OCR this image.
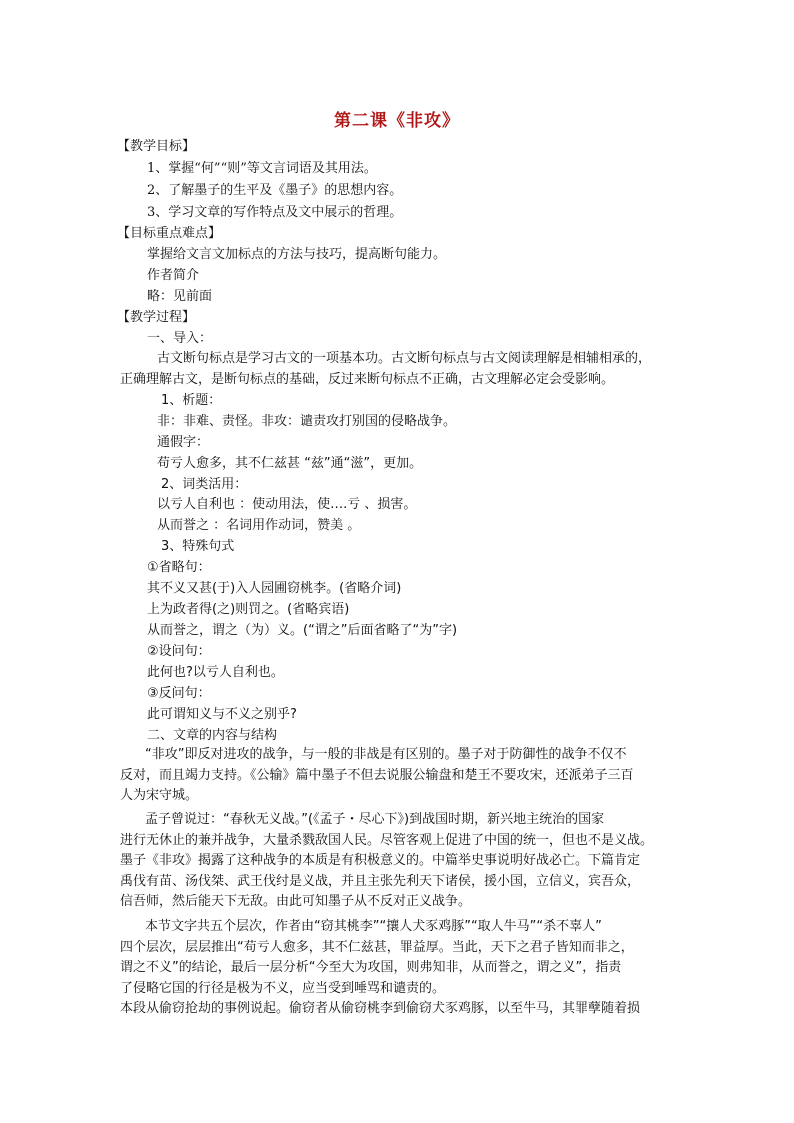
第二课《非攻》
【教学目标】
1、掌握“何”“则”等文言词语及其用法。
2、了解墨子的生平及《墨子》的思想内容。
3、学习文章的写作特点及文中展示的哲理。
【目标重点难点】
掌握给文言文加标点的方法与技巧，提高断句能力。
作者简介
略：见前面
【教学过程】
一、导入：
古文断句标点是学习古文的一项基本功。古文断句标点与古文阅读理解是相辅相承的，
正确理解古文，是断句标点的基础，反过来断句标点不正确，古文理解必定会受影响。
1、析题：
非：非难、责怪。非攻：谴责攻打别国的侵略战争。
通假字：
苟亏人愈多，其不仁兹甚 “兹”通“滋”，更加。
2、词类活用：
以亏人自利也 ：使动用法，使….亏 、损害。
从而誉之 ：名词用作动词，赞美 。
3、特殊句式
①省略句：
其不义又甚(于)入人园圃窃桃李。(省略介词)
上为政者得(之)则罚之。(省略宾语)
从而誉之，谓之（为）义。(“谓之”后面省略了“为”字)
②设问句：
此何也?以亏人自利也。
③反问句：
此可谓知义与不义之别乎?
二、文章的内容与结构

“非攻”即反对进攻的战争，与一般的非战是有区别的。墨子对于防御性的战争不仅不

反对，而且竭力支持。《公输》篇中墨子不但去说服公输盘和楚王不要攻宋，还派弟子三百

人为宋守城。

孟子曾说过：“春秋无义战。”(《孟子・尽心下》)到战国时期，新兴地主统治的国家

进行无休止的兼并战争，大量杀戮敌国人民。尽管客观上促进了中国的统一，但也不是义战。

墨子《非攻》揭露了这种战争的本质是有积极意义的。中篇举史事说明好战必亡。下篇肯定

禹伐有苗、汤伐桀、武王伐纣是义战，并且主张先利天下诸侯，援小国，立信义，宾吾众，

信吾师，然后能天下无敌。由此可知墨子从不反对正义战争。

本节文字共五个层次，作者由“窃其桃李”“攘人犬豕鸡豚”“取人牛马”“杀不辜人”

四个层次，层层推出“苟亏人愈多，其不仁兹甚，罪益厚。当此，天下之君子皆知而非之，

谓之不义”的结论，最后一层分析“今至大为攻国，则弗知非，从而誉之，谓之义”，指责

了侵略它国的行径是极为不义，应当受到唾骂和谴责的。

本段从偷窃抢劫的事例说起。偷窃者从偷窃桃李到偷窃犬豕鸡豚，以至牛马，其罪孽随着损
